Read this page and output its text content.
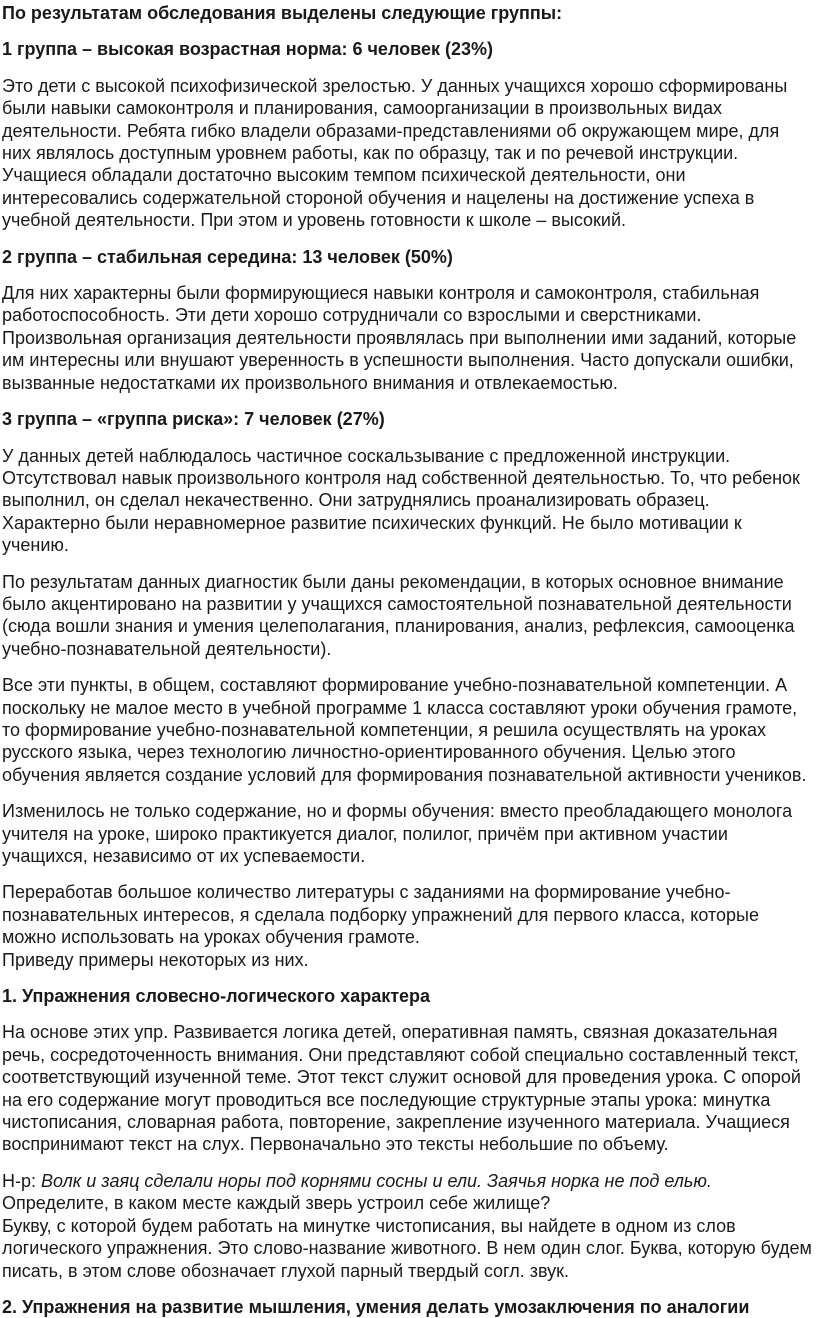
По результатам обследования выделены следующие группы:

1 группа – высокая возрастная норма: 6 человек (23%)

Это дети с высокой психофизической зрелостью. У данных учащихся хорошо сформированы были навыки самоконтроля и планирования, самоорганизации в произвольных видах деятельности. Ребята гибко владели образами-представлениями об окружающем мире, для них являлось доступным уровнем работы, как по образцу, так и по речевой инструкции. Учащиеся обладали достаточно высоким темпом психической деятельности, они интересовались содержательной стороной обучения и нацелены на достижение успеха в учебной деятельности. При этом и уровень готовности к школе – высокий.

2 группа – стабильная середина: 13 человек (50%)

Для них характерны были формирующиеся навыки контроля и самоконтроля, стабильная работоспособность. Эти дети хорошо сотрудничали со взрослыми и сверстниками. Произвольная организация деятельности проявлялась при выполнении ими заданий, которые им интересны или внушают уверенность в успешности выполнения. Часто допускали ошибки, вызванные недостатками их произвольного внимания и отвлекаемостью.

3 группа – «группа риска»: 7 человек (27%)

У данных детей наблюдалось частичное соскальзывание с предложенной инструкции. Отсутствовал навык произвольного контроля над собственной деятельностью. То, что ребенок выполнил, он сделал некачественно. Они затруднялись проанализировать образец. Характерно были неравномерное развитие психических функций. Не было мотивации к учению.

По результатам данных диагностик были даны рекомендации, в которых основное внимание было акцентировано на развитии у учащихся самостоятельной познавательной деятельности (сюда вошли знания и умения целеполагания, планирования, анализ, рефлексия, самооценка учебно-познавательной деятельности).

Все эти пункты, в общем, составляют формирование учебно-познавательной компетенции. А поскольку не малое место в учебной программе 1 класса составляют уроки обучения грамоте, то формирование учебно-познавательной компетенции, я решила осуществлять на уроках русского языка, через технологию личностно-ориентированного обучения. Целью этого обучения является создание условий для формирования познавательной активности учеников.

Изменилось не только содержание, но и формы обучения: вместо преобладающего монолога учителя на уроке, широко практикуется диалог, полилог, причём при активном участии учащихся, независимо от их успеваемости.

Переработав большое количество литературы с заданиями на формирование учебно-познавательных интересов, я сделала подборку упражнений для первого класса, которые можно использовать на уроках обучения грамоте.
Приведу примеры некоторых из них.

1. Упражнения словесно-логического характера

На основе этих упр. Развивается логика детей, оперативная память, связная доказательная речь, сосредоточенность внимания. Они представляют собой специально составленный текст, соответствующий изученной теме. Этот текст служит основой для проведения урока. С опорой на его содержание могут проводиться все последующие структурные этапы урока: минутка чистописания, словарная работа, повторение, закрепление изученного материала. Учащиеся воспринимают текст на слух. Первоначально это тексты небольшие по объему.

Н-р: Волк и заяц сделали норы под корнями сосны и ели. Заячья норка не под елью.
Определите, в каком месте каждый зверь устроил себе жилище?
Букву, с которой будем работать на минутке чистописания, вы найдете в одном из слов логического упражнения. Это слово-название животного. В нем один слог. Буква, которую будем писать, в этом слове обозначает глухой парный твердый согл. звук.

2. Упражнения на развитие мышления, умения делать умозаключения по аналогии
